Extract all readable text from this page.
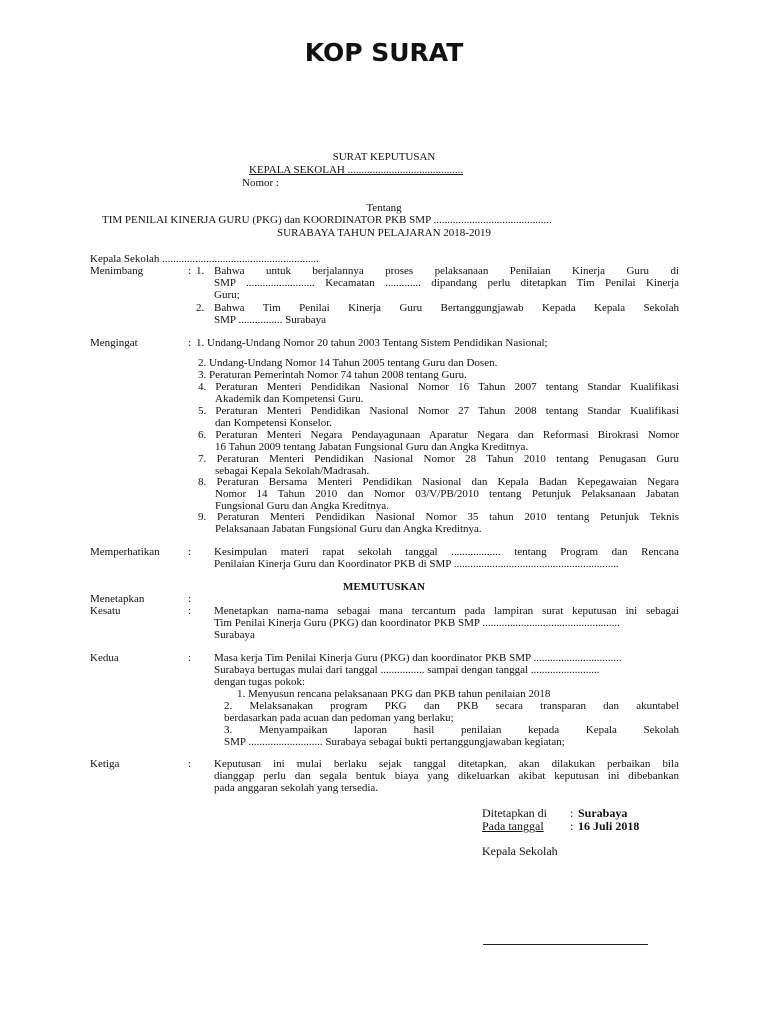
KOP SURAT
SURAT KEPUTUSAN
KEPALA SEKOLAH ..........................................
Nomor :
Tentang
TIM PENILAI KINERJA GURU (PKG) dan KOORDINATOR PKB SMP ...........................................
SURABAYA TAHUN PELAJARAN 2018-2019
Kepala Sekolah .........................................................
Menimbang	: 1. Bahwa untuk berjalannya proses pelaksanaan Penilaian Kinerja Guru di
SMP ......................... Kecamatan ............. dipandang perlu ditetapkan Tim Penilai Kinerja
Guru;
2. Bahwa Tim Penilai Kinerja Guru Bertanggungjawab Kepada Kepala Sekolah
SMP ................ Surabaya
Mengingat	: 1. Undang-Undang Nomor 20 tahun 2003 Tentang Sistem Pendidikan Nasional;
2. Undang-Undang Nomor 14 Tahun 2005 tentang Guru dan Dosen.
3. Peraturan Pemerintah Nomor 74 tahun 2008 tentang Guru.
4. Peraturan Menteri Pendidikan Nasional Nomor 16 Tahun 2007 tentang Standar Kualifikasi
Akademik dan Kompetensi Guru.
5. Peraturan Menteri Pendidikan Nasional Nomor 27 Tahun 2008 tentang Standar Kualifikasi
dan Kompetensi Konselor.
6. Peraturan Menteri Negara Pendayagunaan Aparatur Negara dan Reformasi Birokrasi Nomor
16 Tahun 2009 tentang Jabatan Fungsional Guru dan Angka Kreditnya.
7. Peraturan Menteri Pendidikan Nasional Nomor 28 Tahun 2010 tentang Penugasan Guru
sebagai Kepala Sekolah/Madrasah.
8. Peraturan Bersama Menteri Pendidikan Nasional dan Kepala Badan Kepegawaian Negara
Nomor 14 Tahun 2010 dan Nomor 03/V/PB/2010 tentang Petunjuk Pelaksanaan Jabatan
Fungsional Guru dan Angka Kreditnya.
9. Peraturan Menteri Pendidikan Nasional Nomor 35 tahun 2010 tentang Petunjuk Teknis
Pelaksanaan Jabatan Fungsional Guru dan Angka Kreditnya.
Memperhatikan	: Kesimpulan materi rapat sekolah tanggal .................. tentang Program dan Rencana
Penilaian Kinerja Guru dan Koordinator PKB di SMP ............................................................
MEMUTUSKAN
Menetapkan	:
Kesatu	: Menetapkan nama-nama sebagai mana tercantum pada lampiran surat keputusan ini sebagai
Tim Penilai Kinerja Guru (PKG) dan koordinator PKB SMP ..................................................
Surabaya
Kedua	: Masa kerja Tim Penilai Kinerja Guru (PKG) dan koordinator PKB SMP ................................
Surabaya bertugas mulai dari tanggal ................ sampai dengan tanggal .........................
dengan tugas pokok:
1. Menyusun rencana pelaksanaan PKG dan PKB tahun penilaian 2018
2. Melaksanakan program PKG dan PKB secara transparan dan akuntabel
berdasarkan pada acuan dan pedoman yang berlaku;
3. Menyampaikan laporan hasil penilaian kepada Kepala Sekolah
SMP ........................... Surabaya sebagai bukti pertanggungjawaban kegiatan;
Ketiga	: Keputusan ini mulai berlaku sejak tanggal ditetapkan, akan dilakukan perbaikan bila
dianggap perlu dan segala bentuk biaya yang dikeluarkan akibat keputusan ini dibebankan
pada anggaran sekolah yang tersedia.
Ditetapkan di : Surabaya
Pada tanggal : 16 Juli 2018
Kepala Sekolah
